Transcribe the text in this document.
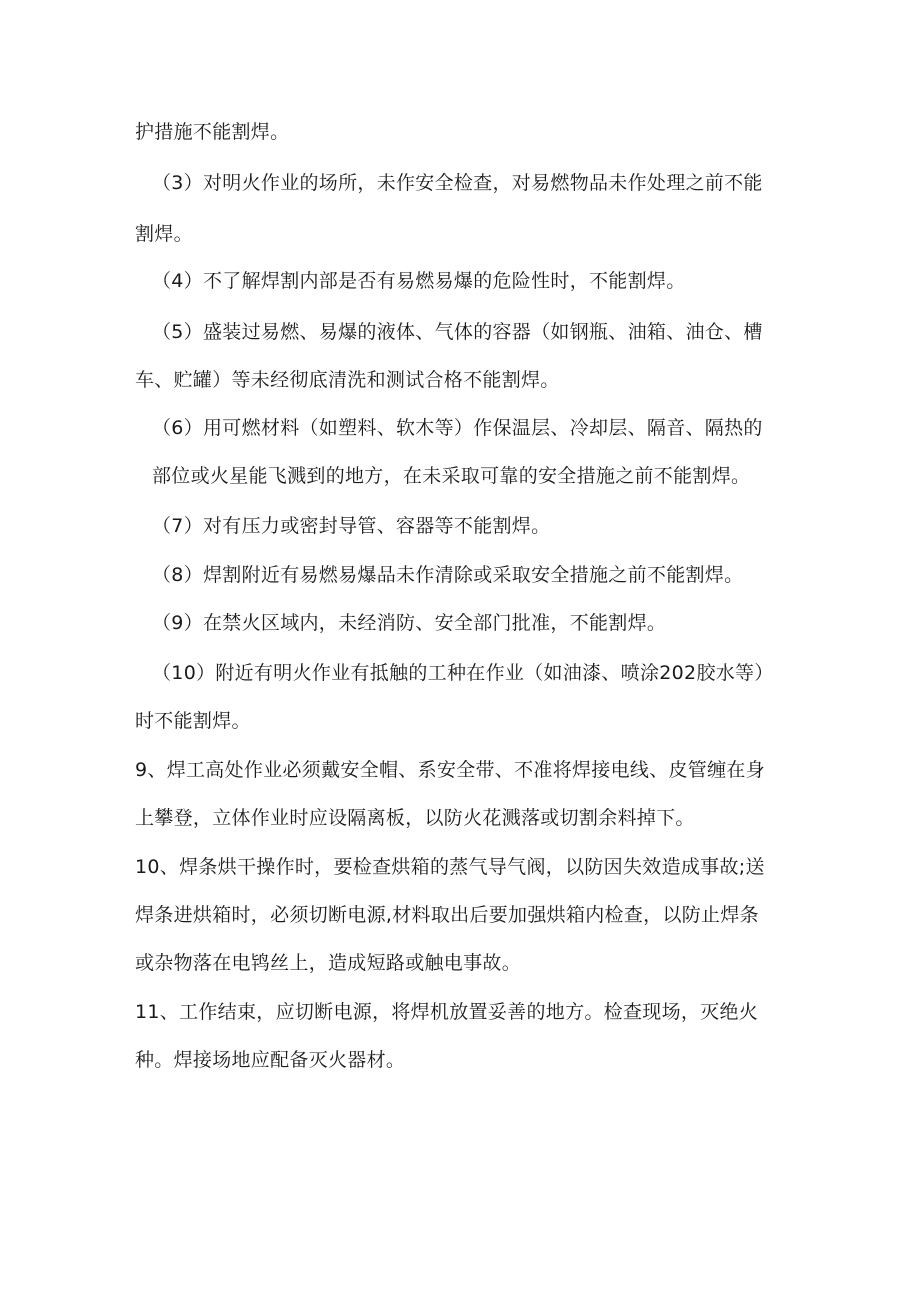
护措施不能割焊。
（3）对明火作业的场所，未作安全检查，对易燃物品未作处理之前不能
割焊。
（4）不了解焊割内部是否有易燃易爆的危险性时，不能割焊。
（5）盛装过易燃、易爆的液体、气体的容器（如钢瓶、油箱、油仓、槽
车、贮罐）等未经彻底清洗和测试合格不能割焊。
（6）用可燃材料（如塑料、软木等）作保温层、冷却层、隔音、隔热的
部位或火星能飞溅到的地方，在未采取可靠的安全措施之前不能割焊。
（7）对有压力或密封导管、容器等不能割焊。
（8）焊割附近有易燃易爆品未作清除或采取安全措施之前不能割焊。
（9）在禁火区域内，未经消防、安全部门批准，不能割焊。
（10）附近有明火作业有抵触的工种在作业（如油漆、喷涂202胶水等）
时不能割焊。
9、焊工高处作业必须戴安全帽、系安全带、不准将焊接电线、皮管缠在身
上攀登，立体作业时应设隔离板，以防火花溅落或切割余料掉下。
10、焊条烘干操作时，要检查烘箱的蒸气导气阀，以防因失效造成事故;送
焊条进烘箱时，必须切断电源,材料取出后要加强烘箱内检查，以防止焊条
或杂物落在电鸨丝上，造成短路或触电事故。
11、工作结束，应切断电源，将焊机放置妥善的地方。检查现场，灭绝火
种。焊接场地应配备灭火器材。
